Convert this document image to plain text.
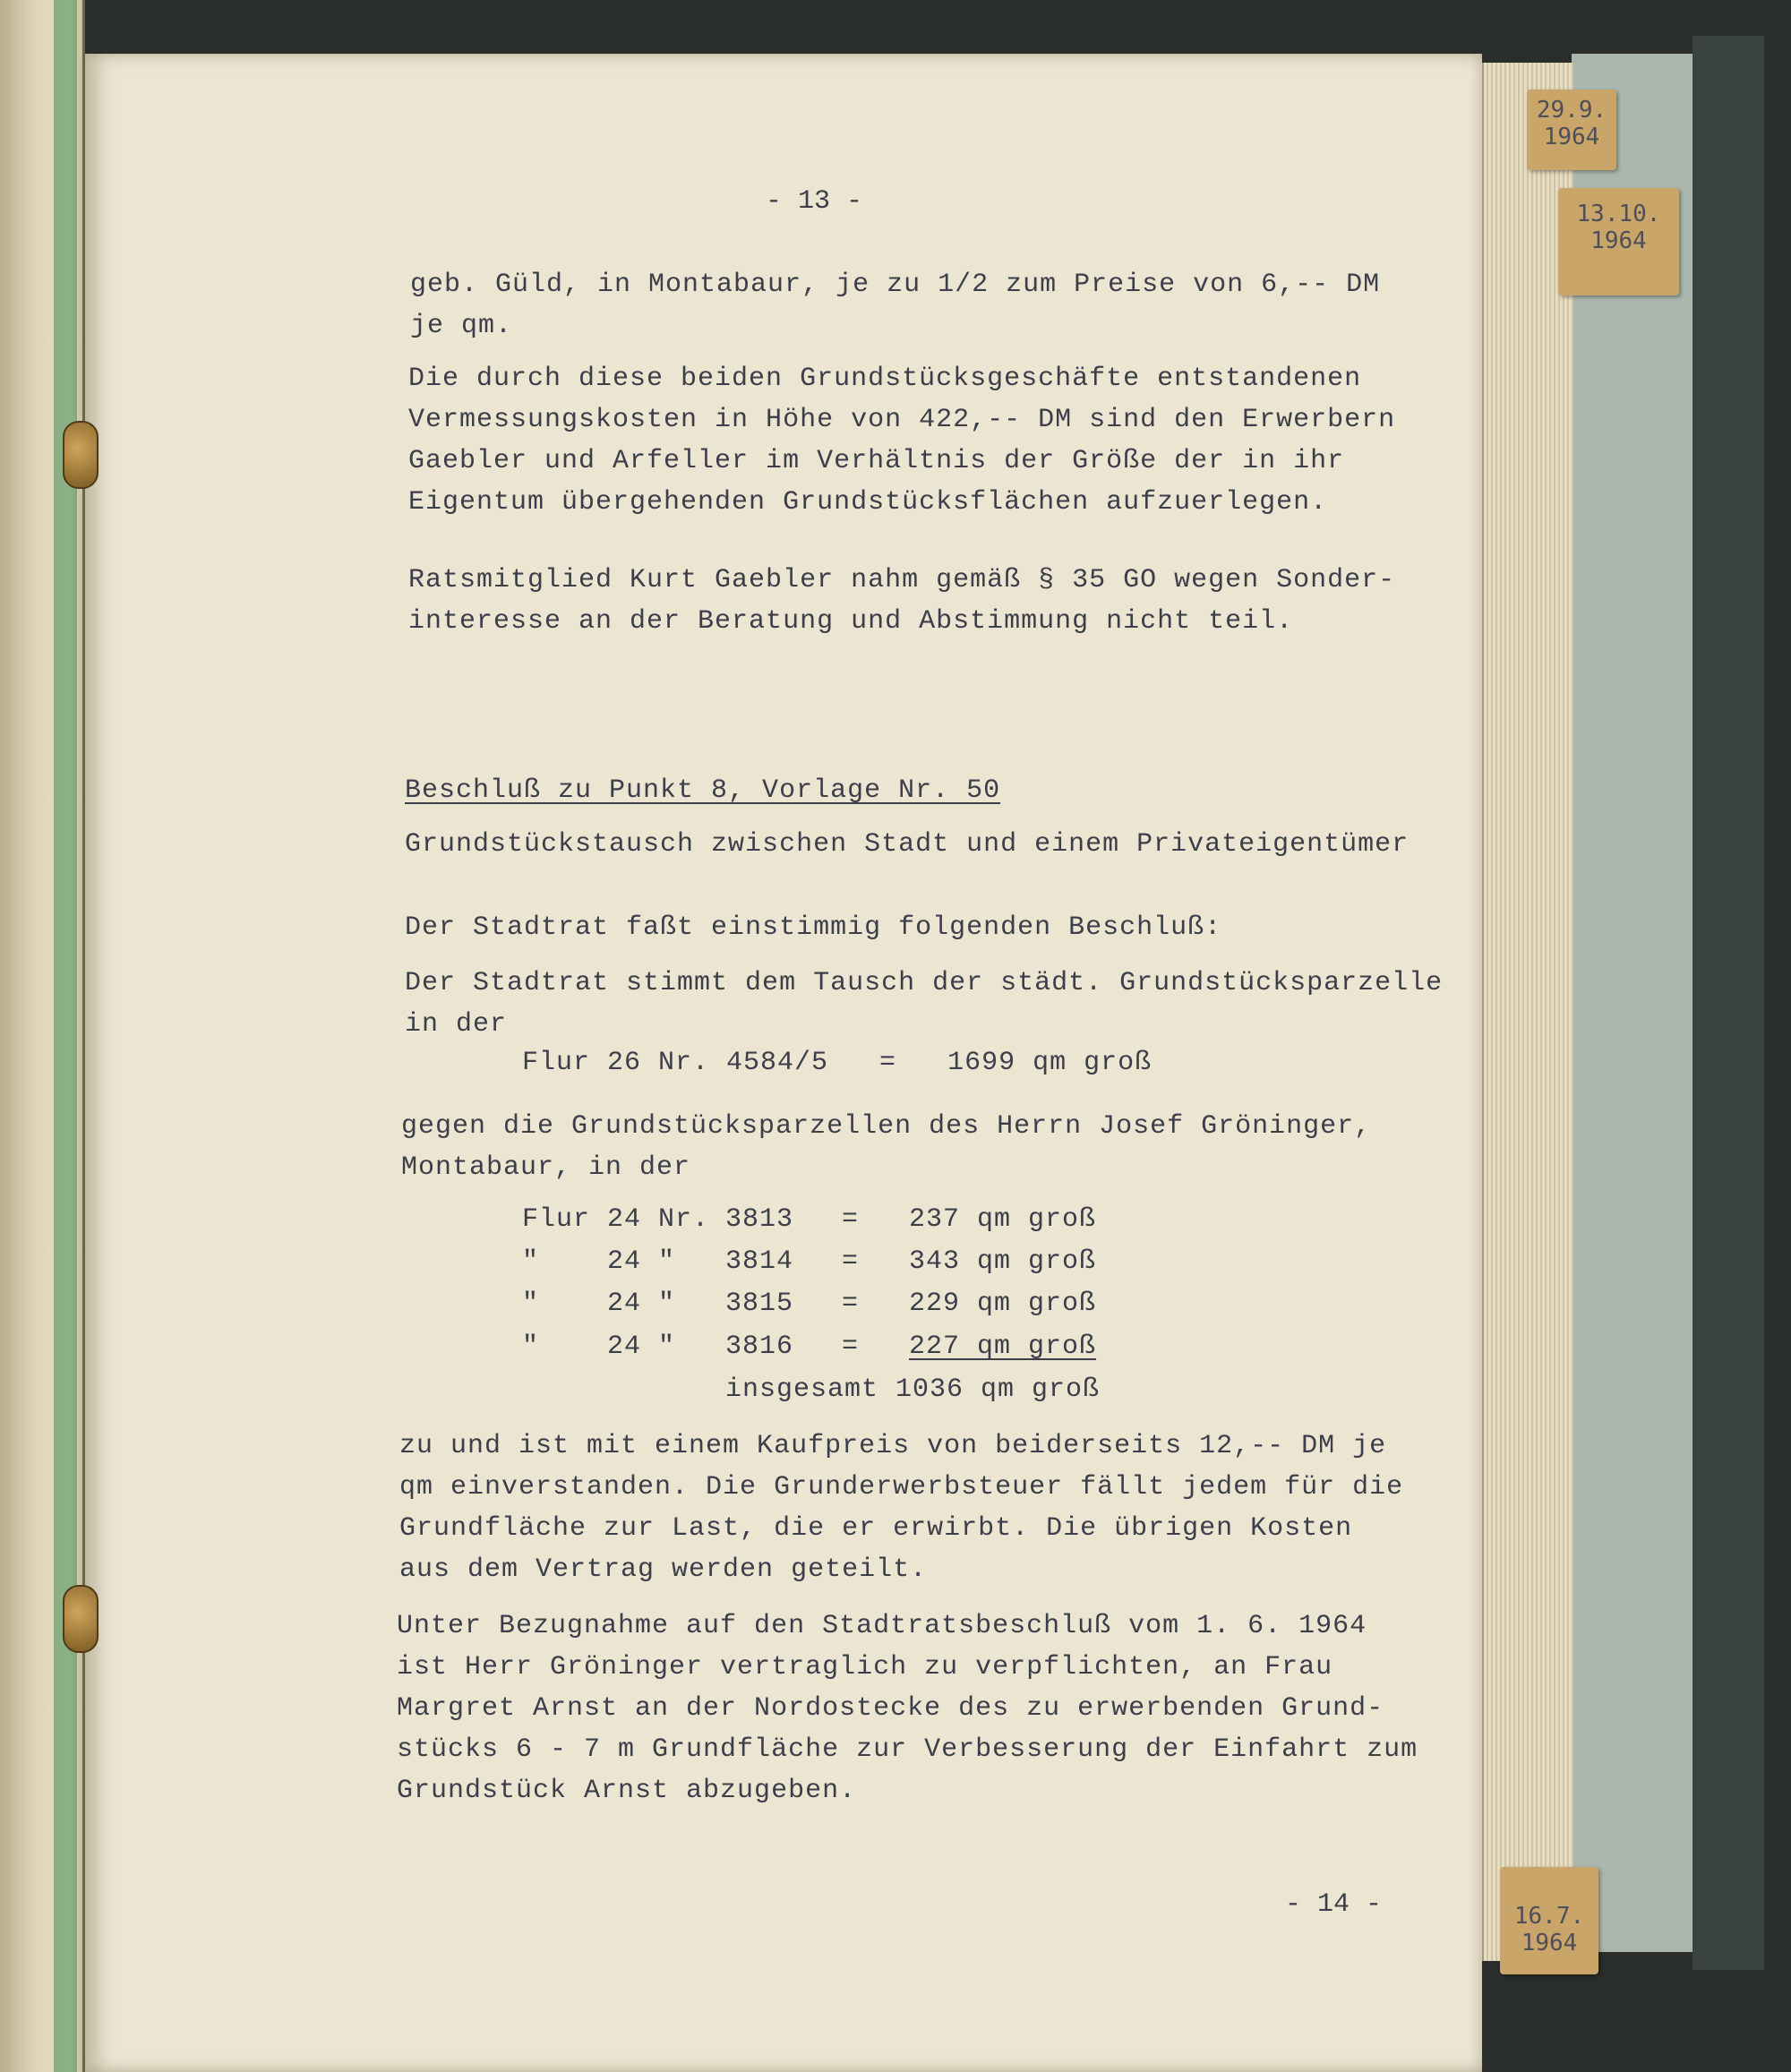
29.9.
1964
13.10.
1964
16.7.
1964
- 13 -
geb. Güld, in Montabaur, je zu 1/2 zum Preise von 6,-- DM
je qm.
Die durch diese beiden Grundstücksgeschäfte entstandenen
Vermessungskosten in Höhe von 422,-- DM sind den Erwerbern
Gaebler und Arfeller im Verhältnis der Größe der in ihr
Eigentum übergehenden Grundstücksflächen aufzuerlegen.
Ratsmitglied Kurt Gaebler nahm gemäß § 35 GO wegen Sonder-
interesse an der Beratung und Abstimmung nicht teil.
Beschluß zu Punkt 8, Vorlage Nr. 50
Grundstückstausch zwischen Stadt und einem Privateigentümer
Der Stadtrat faßt einstimmig folgenden Beschluß:
Der Stadtrat stimmt dem Tausch der städt. Grundstücksparzelle
in der
Flur 26 Nr. 4584/5   =   1699 qm groß
gegen die Grundstücksparzellen des Herrn Josef Gröninger,
Montabaur, in der
Flur 24 Nr. 3813 = 237 qm groß
"    24 " 3814 = 343 qm groß
"    24 " 3815 = 229 qm groß
"    24 " 3816 = 227 qm groß
insgesamt 1036 qm groß
zu und ist mit einem Kaufpreis von beiderseits 12,-- DM je
qm einverstanden. Die Grunderwerbsteuer fällt jedem für die
Grundfläche zur Last, die er erwirbt. Die übrigen Kosten
aus dem Vertrag werden geteilt.
Unter Bezugnahme auf den Stadtratsbeschluß vom 1. 6. 1964
ist Herr Gröninger vertraglich zu verpflichten, an Frau
Margret Arnst an der Nordostecke des zu erwerbenden Grund-
stücks 6 - 7 m Grundfläche zur Verbesserung der Einfahrt zum
Grundstück Arnst abzugeben.
- 14 -
